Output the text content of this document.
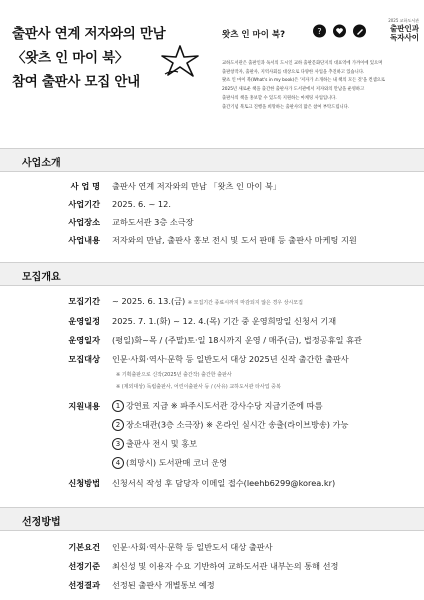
출판사 연계 저자와의 만남
〈왓츠 인 마이 북〉
참여 출판사 모집 안내
왓츠 인 마이 북?	?
2025 교하도서관
출판인과
독자사이
교하도서관은 출판인과 독서의 도시인 교하 출판문화단지의 대표역에 가까이에 있으며
출판창작자, 출판사, 지역사회를 대상으로 다양한 사업을 추진하고 있습니다.
왓츠 인 마이 북(What's in my book)은 '저자가 소개하는 내 책의 모든 것'을 컨셉으로
2025년 새로운 책을 출간한 출판사가 도서관에서 저자와의 만남을 운영하고
출판사의 책을 홍보할 수 있도록 지원하는 마케팅 사업입니다.
출간기념 북토크 진행을 희망하는 출판사의 많은 참여 부탁드립니다.
사업소개
사 업 명 출판사 연계 저자와의 만남 「왓츠 인 마이 북」
사업기간 2025. 6. ~ 12.
사업장소 교하도서관 3층 소극장
사업내용 저자와의 만남, 출판사 홍보 전시 및 도서 판매 등 출판사 마케팅 지원
모집개요
모집기간 ~ 2025. 6. 13.(금) ※ 모집기간 종료시까지 마감되지 않은 경우 상시모집
운영일정 2025. 7. 1.(화) ~ 12. 4.(목) 기간 중 운영희망일 신청서 기재
운영일자 (평일)화~목 / (주말)토·일 18시까지 운영 / 매주(금), 법정공휴일 휴관
모집대상 인문·사회·역사·문학 등 일반도서 대상 2025년 신작 출간한 출판사
※ 기획출판으로 신작(2025년 출간작) 출간한 출판사
※ (제외대상) 독립출판사, 어린이출판사 등 / (사유) 교하도서관 타사업 중복
지원내용	1 강연료 지급 ※ 파주시도서관 강사수당 지급기준에 따름
2 장소대관(3층 소극장) ※ 온라인 실시간 송출(라이브방송) 가능
3 출판사 전시 및 홍보
4 (희망시) 도서판매 코너 운영
신청방법 신청서식 작성 후 담당자 이메일 접수(leehb6299@korea.kr)
선정방법
기본요건 인문·사회·역사·문학 등 일반도서 대상 출판사
선정기준 최신성 및 이용자 수요 기반하여 교하도서관 내부논의 통해 선정
선정결과 선정된 출판사 개별통보 예정
